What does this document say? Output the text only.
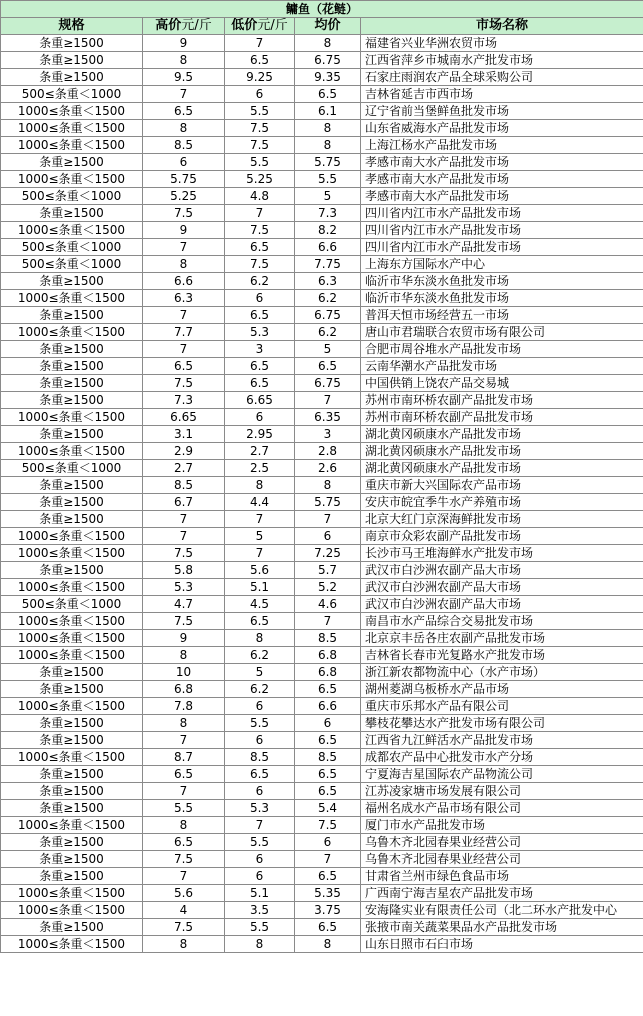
鳙鱼（花鲢）				
规格	高价元/斤	低价元/斤	均价	市场名称
条重≥1500	9	7	8	福建省兴业华洲农贸市场
条重≥1500	8	6.5	6.75	江西省萍乡市城南水产批发市场
条重≥1500	9.5	9.25	9.35	石家庄雨润农产品全球采购公司
500≤条重＜1000	7	6	6.5	吉林省延吉市西市场
1000≤条重＜1500	6.5	5.5	6.1	辽宁省前当堡鲜鱼批发市场
1000≤条重＜1500	8	7.5	8	山东省威海水产品批发市场
1000≤条重＜1500	8.5	7.5	8	上海江杨水产品批发市场
条重≥1500	6	5.5	5.75	孝感市南大水产品批发市场
1000≤条重＜1500	5.75	5.25	5.5	孝感市南大水产品批发市场
500≤条重＜1000	5.25	4.8	5	孝感市南大水产品批发市场
条重≥1500	7.5	7	7.3	四川省内江市水产品批发市场
1000≤条重＜1500	9	7.5	8.2	四川省内江市水产品批发市场
500≤条重＜1000	7	6.5	6.6	四川省内江市水产品批发市场
500≤条重＜1000	8	7.5	7.75	上海东方国际水产中心
条重≥1500	6.6	6.2	6.3	临沂市华东淡水鱼批发市场
1000≤条重＜1500	6.3	6	6.2	临沂市华东淡水鱼批发市场
条重≥1500	7	6.5	6.75	普洱天恒市场经营五一市场
1000≤条重＜1500	7.7	5.3	6.2	唐山市君瑞联合农贸市场有限公司
条重≥1500	7	3	5	合肥市周谷堆水产品批发市场
条重≥1500	6.5	6.5	6.5	云南华潮水产品批发市场
条重≥1500	7.5	6.5	6.75	中国供销上饶农产品交易城
条重≥1500	7.3	6.65	7	苏州市南环桥农副产品批发市场
1000≤条重＜1500	6.65	6	6.35	苏州市南环桥农副产品批发市场
条重≥1500	3.1	2.95	3	湖北黄冈硕康水产品批发市场
1000≤条重＜1500	2.9	2.7	2.8	湖北黄冈硕康水产品批发市场
500≤条重＜1000	2.7	2.5	2.6	湖北黄冈硕康水产品批发市场
条重≥1500	8.5	8	8	重庆市新大兴国际农产品市场
条重≥1500	6.7	4.4	5.75	安庆市皖宜季牛水产养殖市场
条重≥1500	7	7	7	北京大红门京深海鲜批发市场
1000≤条重＜1500	7	5	6	南京市众彩农副产品批发市场
1000≤条重＜1500	7.5	7	7.25	长沙市马王堆海鲜水产批发市场
条重≥1500	5.8	5.6	5.7	武汉市白沙洲农副产品大市场
1000≤条重＜1500	5.3	5.1	5.2	武汉市白沙洲农副产品大市场
500≤条重＜1000	4.7	4.5	4.6	武汉市白沙洲农副产品大市场
1000≤条重＜1500	7.5	6.5	7	南昌市水产品综合交易批发市场
1000≤条重＜1500	9	8	8.5	北京京丰岳各庄农副产品批发市场
1000≤条重＜1500	8	6.2	6.8	吉林省长春市光复路水产批发市场
条重≥1500	10	5	6.8	浙江新农都物流中心（水产市场）
条重≥1500	6.8	6.2	6.5	湖州菱湖乌板桥水产品市场
1000≤条重＜1500	7.8	6	6.6	重庆市乐邦水产品有限公司
条重≥1500	8	5.5	6	攀枝花攀达水产批发市场有限公司
条重≥1500	7	6	6.5	江西省九江鲜活水产品批发市场
1000≤条重＜1500	8.7	8.5	8.5	成都农产品中心批发市水产分场
条重≥1500	6.5	6.5	6.5	宁夏海吉星国际农产品物流公司
条重≥1500	7	6	6.5	江苏凌家塘市场发展有限公司
条重≥1500	5.5	5.3	5.4	福州名成水产品市场有限公司
1000≤条重＜1500	8	7	7.5	厦门市水产品批发市场
条重≥1500	6.5	5.5	6	乌鲁木齐北园春果业经营公司
条重≥1500	7.5	6	7	乌鲁木齐北园春果业经营公司
条重≥1500	7	6	6.5	甘肃省兰州市绿色食品市场
1000≤条重＜1500	5.6	5.1	5.35	广西南宁海吉星农产品批发市场
1000≤条重＜1500	4	3.5	3.75	安海隆实业有限责任公司（北二环水产批发中心
条重≥1500	7.5	5.5	6.5	张掖市南关蔬菜果品水产品批发市场
1000≤条重＜1500	8	8	8	山东日照市石臼市场
